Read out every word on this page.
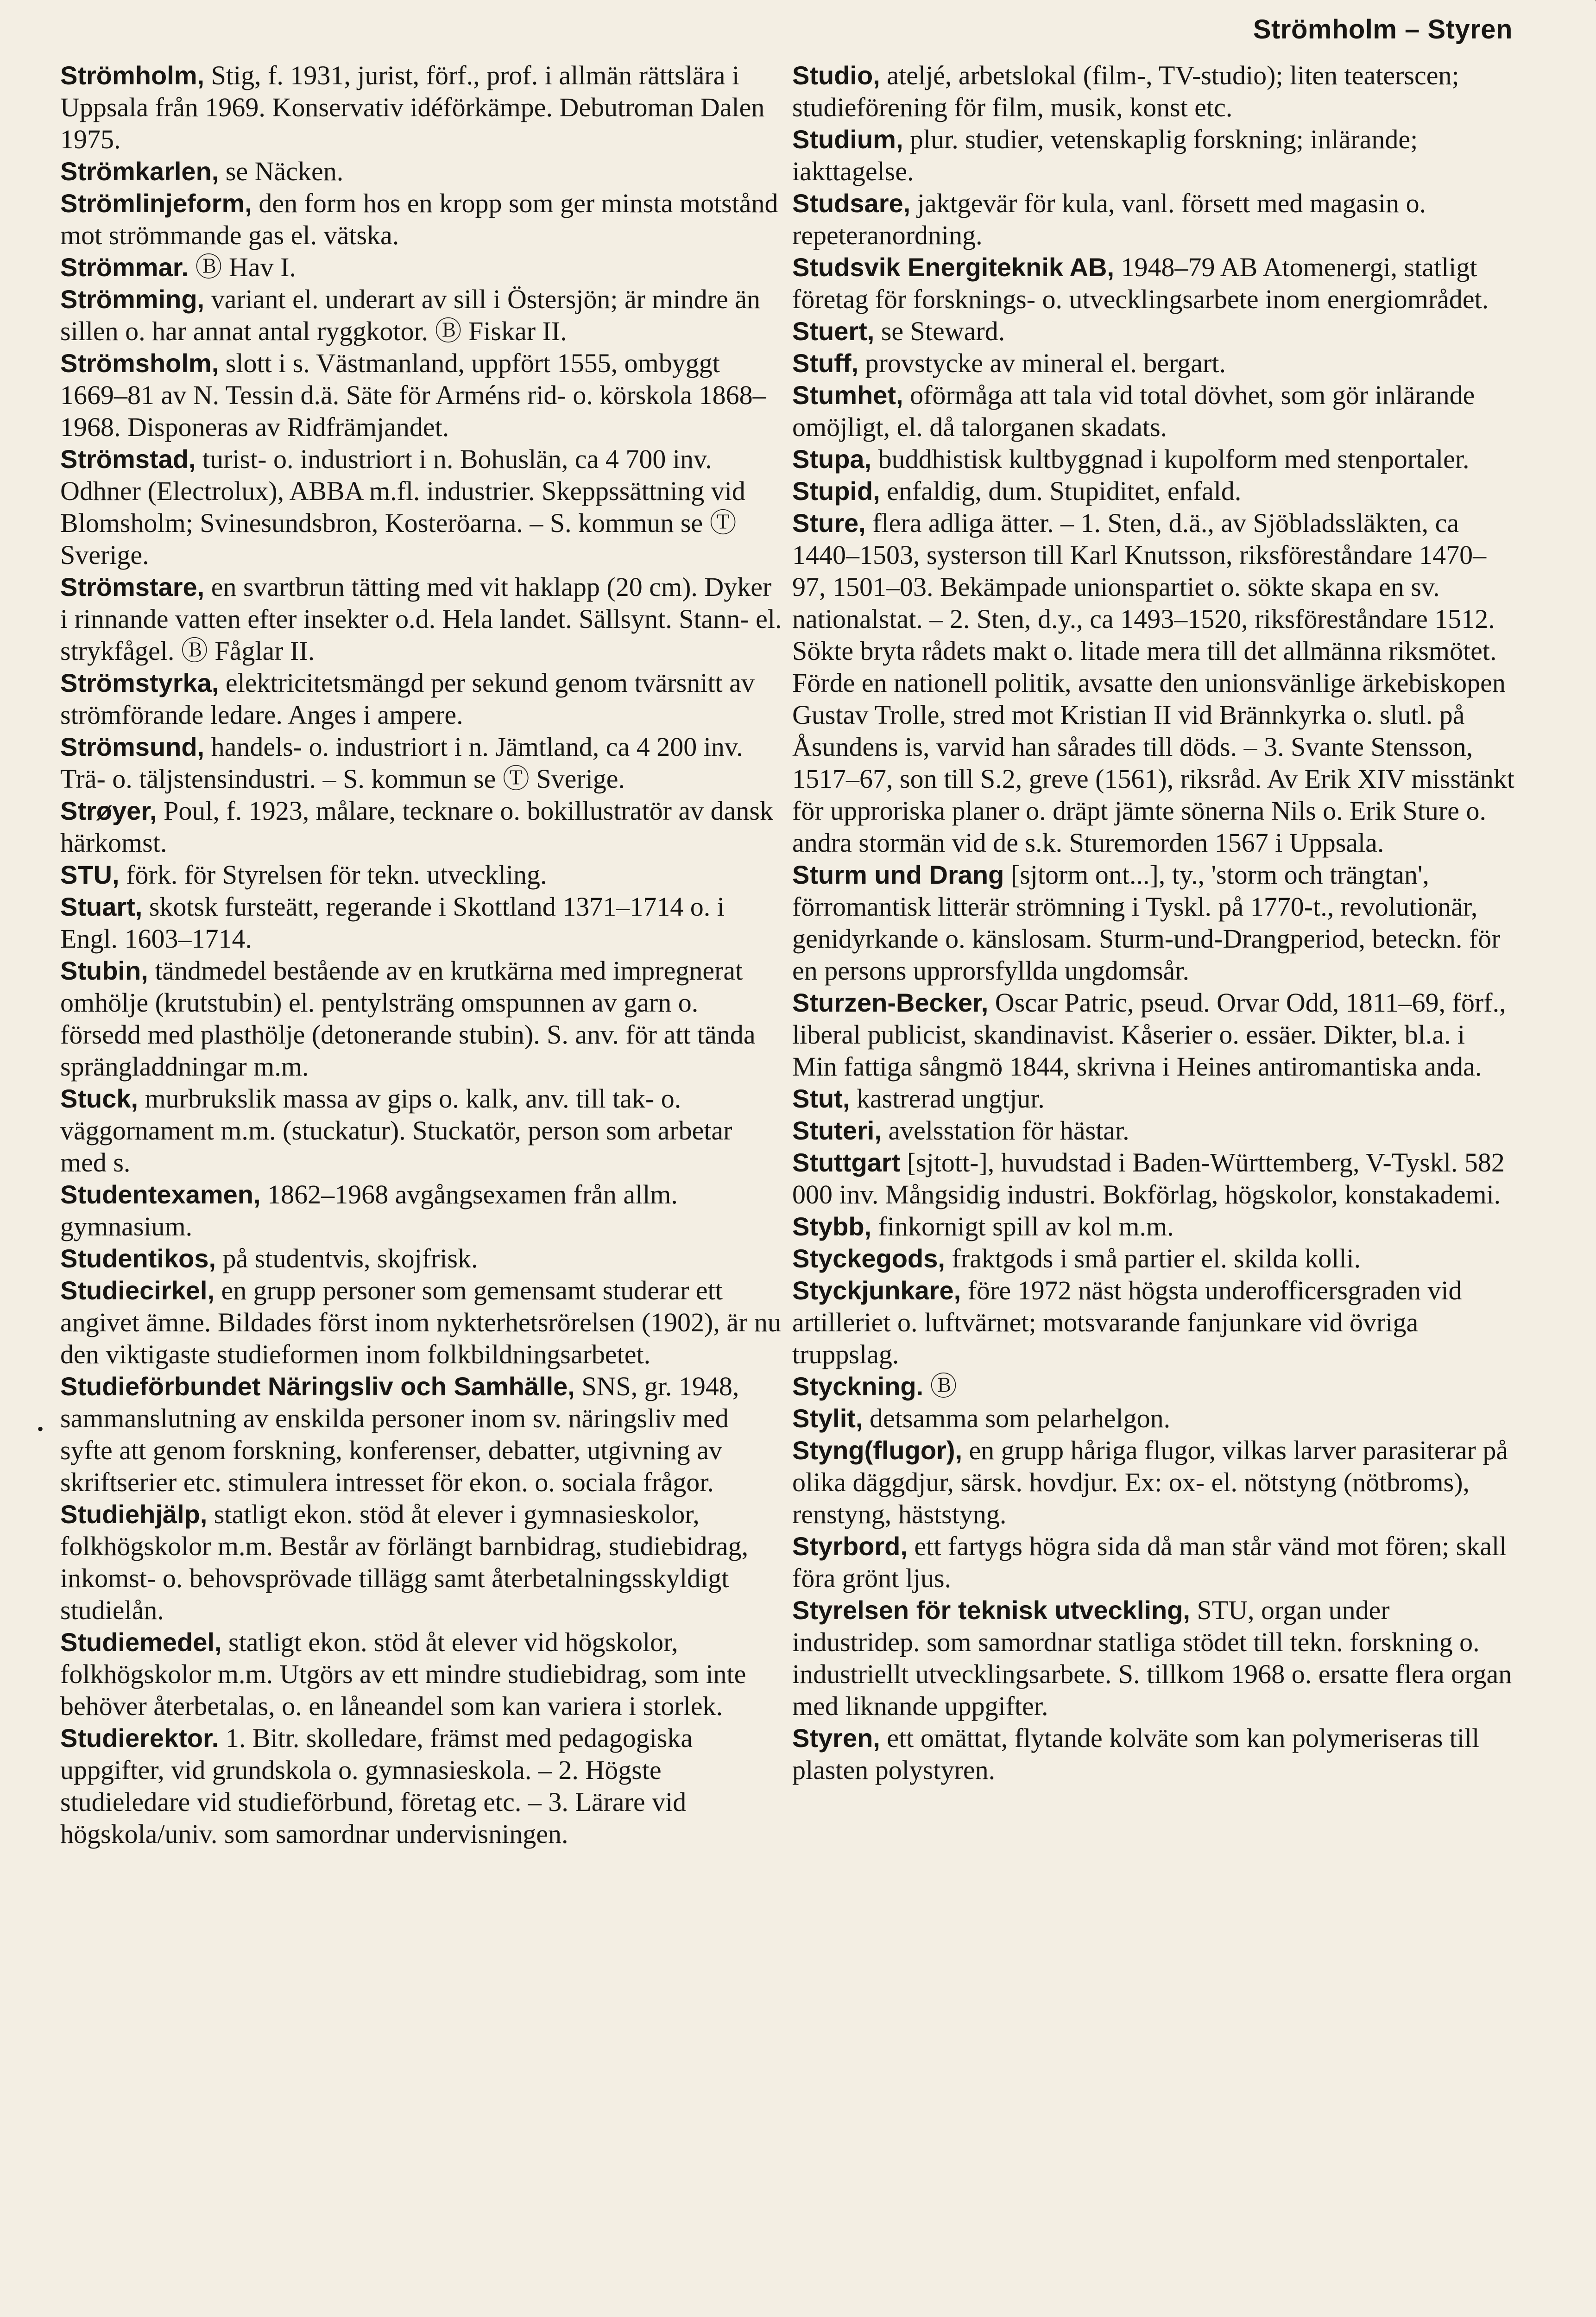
Strömholm – Styren

Strömholm, Stig, f. 1931, jurist, förf., prof. i allmän rättslära i Uppsala från 1969. Konservativ idéförkämpe. Debutroman Dalen 1975.

Strömkarlen, se Näcken.

Strömlinjeform, den form hos en kropp som ger minsta motstånd mot strömmande gas el. vätska.

Strömmar. Ⓑ Hav I.

Strömming, variant el. underart av sill i Östersjön; är mindre än sillen o. har annat antal ryggkotor. Ⓑ Fiskar II.

Strömsholm, slott i s. Västmanland, uppfört 1555, ombyggt 1669–81 av N. Tessin d.ä. Säte för Arméns rid- o. körskola 1868–1968. Disponeras av Ridfrämjandet.

Strömstad, turist- o. industriort i n. Bohuslän, ca 4 700 inv. Odhner (Electrolux), ABBA m.fl. industrier. Skeppssättning vid Blomsholm; Svinesundsbron, Kosteröarna. – S. kommun se Ⓣ Sverige.

Strömstare, en svartbrun tätting med vit haklapp (20 cm). Dyker i rinnande vatten efter insekter o.d. Hela landet. Sällsynt. Stann- el. strykfågel. Ⓑ Fåglar II.

Strömstyrka, elektricitetsmängd per sekund genom tvärsnitt av strömförande ledare. Anges i ampere.

Strömsund, handels- o. industriort i n. Jämtland, ca 4 200 inv. Trä- o. täljstensindustri. – S. kommun se Ⓣ Sverige.

Strøyer, Poul, f. 1923, målare, tecknare o. bokillustratör av dansk härkomst.

STU, förk. för Styrelsen för tekn. utveckling.

Stuart, skotsk fursteätt, regerande i Skottland 1371–1714 o. i Engl. 1603–1714.

Stubin, tändmedel bestående av en krutkärna med impregnerat omhölje (krutstubin) el. pentylsträng omspunnen av garn o. försedd med plasthölje (detonerande stubin). S. anv. för att tända sprängladdningar m.m.

Stuck, murbrukslik massa av gips o. kalk, anv. till tak- o. väggornament m.m. (stuckatur). Stuckatör, person som arbetar med s.

Studentexamen, 1862–1968 avgångsexamen från allm. gymnasium.

Studentikos, på studentvis, skojfrisk.

Studiecirkel, en grupp personer som gemensamt studerar ett angivet ämne. Bildades först inom nykterhetsrörelsen (1902), är nu den viktigaste studieformen inom folkbildningsarbetet.

Studieförbundet Näringsliv och Samhälle, SNS, gr. 1948, sammanslutning av enskilda personer inom sv. näringsliv med syfte att genom forskning, konferenser, debatter, utgivning av skriftserier etc. stimulera intresset för ekon. o. sociala frågor.

Studiehjälp, statligt ekon. stöd åt elever i gymnasieskolor, folkhögskolor m.m. Består av förlängt barnbidrag, studiebidrag, inkomst- o. behovsprövade tillägg samt återbetalningsskyldigt studielån.

Studiemedel, statligt ekon. stöd åt elever vid högskolor, folkhögskolor m.m. Utgörs av ett mindre studiebidrag, som inte behöver återbetalas, o. en låneandel som kan variera i storlek.

Studierektor. 1. Bitr. skolledare, främst med pedagogiska uppgifter, vid grundskola o. gymnasieskola. – 2. Högste studieledare vid studieförbund, företag etc. – 3. Lärare vid högskola/univ. som samordnar undervisningen.

Studio, ateljé, arbetslokal (film-, TV-studio); liten teaterscen; studieförening för film, musik, konst etc.

Studium, plur. studier, vetenskaplig forskning; inlärande; iakttagelse.

Studsare, jaktgevär för kula, vanl. försett med magasin o. repeteranordning.

Studsvik Energiteknik AB, 1948–79 AB Atomenergi, statligt företag för forsknings- o. utvecklingsarbete inom energiområdet.

Stuert, se Steward.

Stuff, provstycke av mineral el. bergart.

Stumhet, oförmåga att tala vid total dövhet, som gör inlärande omöjligt, el. då talorganen skadats.

Stupa, buddhistisk kultbyggnad i kupolform med stenportaler.

Stupid, enfaldig, dum. Stupiditet, enfald.

Sture, flera adliga ätter. – 1. Sten, d.ä., av Sjöbladssläkten, ca 1440–1503, systerson till Karl Knutsson, riksföreståndare 1470–97, 1501–03. Bekämpade unionspartiet o. sökte skapa en sv. nationalstat. – 2. Sten, d.y., ca 1493–1520, riksföreståndare 1512. Sökte bryta rådets makt o. litade mera till det allmänna riksmötet. Förde en nationell politik, avsatte den unionsvänlige ärkebiskopen Gustav Trolle, stred mot Kristian II vid Brännkyrka o. slutl. på Åsundens is, varvid han sårades till döds. – 3. Svante Stensson, 1517–67, son till S.2, greve (1561), riksråd. Av Erik XIV misstänkt för upproriska planer o. dräpt jämte sönerna Nils o. Erik Sture o. andra stormän vid de s.k. Sturemorden 1567 i Uppsala.

Sturm und Drang [sjtorm ont...], ty., 'storm och trängtan', förromantisk litterär strömning i Tyskl. på 1770-t., revolutionär, genidyrkande o. känslosam. Sturm-und-Drangperiod, beteckn. för en persons upprorsfyllda ungdomsår.

Sturzen-Becker, Oscar Patric, pseud. Orvar Odd, 1811–69, förf., liberal publicist, skandinavist. Kåserier o. essäer. Dikter, bl.a. i Min fattiga sångmö 1844, skrivna i Heines antiromantiska anda.

Stut, kastrerad ungtjur.

Stuteri, avelsstation för hästar.

Stuttgart [sjtott-], huvudstad i Baden-Württemberg, V-Tyskl. 582 000 inv. Mångsidig industri. Bokförlag, högskolor, konstakademi.

Stybb, finkornigt spill av kol m.m.

Styckegods, fraktgods i små partier el. skilda kolli.

Styckjunkare, före 1972 näst högsta underofficersgraden vid artilleriet o. luftvärnet; motsvarande fanjunkare vid övriga truppslag.

Styckning. Ⓑ

Stylit, detsamma som pelarhelgon.

Styng(flugor), en grupp håriga flugor, vilkas larver parasiterar på olika däggdjur, särsk. hovdjur. Ex: ox- el. nötstyng (nötbroms), renstyng, häststyng.

Styrbord, ett fartygs högra sida då man står vänd mot fören; skall föra grönt ljus.

Styrelsen för teknisk utveckling, STU, organ under industridep. som samordnar statliga stödet till tekn. forskning o. industriellt utvecklingsarbete. S. tillkom 1968 o. ersatte flera organ med liknande uppgifter.

Styren, ett omättat, flytande kolväte som kan polymeriseras till plasten polystyren.

•
